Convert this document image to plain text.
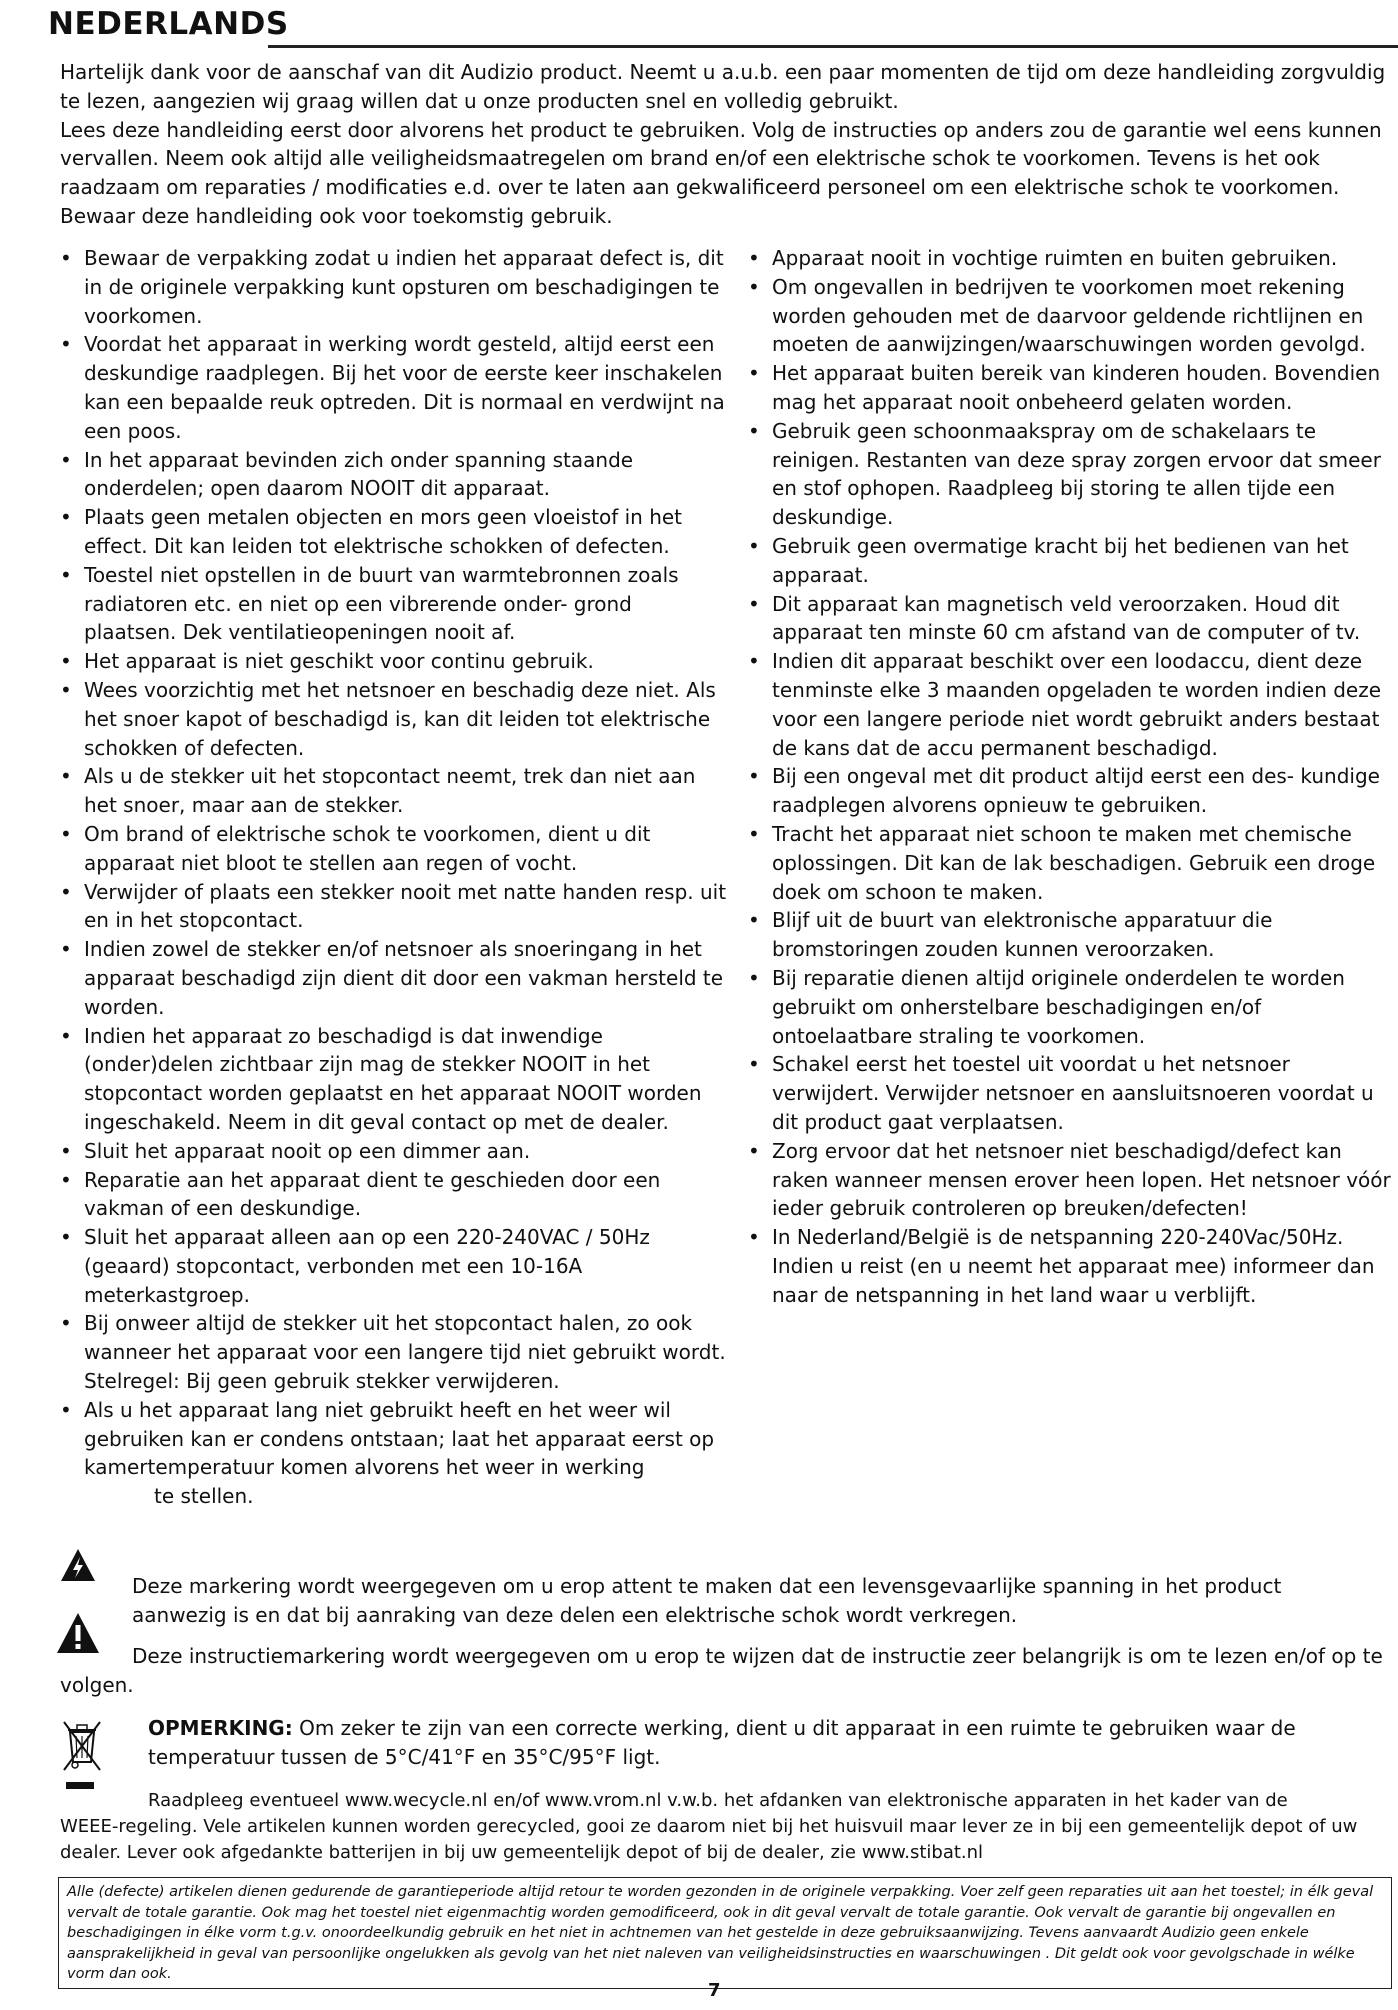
NEDERLANDS

Hartelijk dank voor de aanschaf van dit Audizio product. Neemt u a.u.b. een paar momenten de tijd om deze handleiding zorgvuldig te lezen, aangezien wij graag willen dat u onze producten snel en volledig gebruikt.

Lees deze handleiding eerst door alvorens het product te gebruiken. Volg de instructies op anders zou de garantie wel eens kunnen vervallen. Neem ook altijd alle veiligheidsmaatregelen om brand en/of een elektrische schok te voorkomen. Tevens is het ook raadzaam om reparaties / modificaties e.d. over te laten aan gekwalificeerd personeel om een elektrische schok te voorkomen. Bewaar deze handleiding ook voor toekomstig gebruik.

• Bewaar de verpakking zodat u indien het apparaat defect is, dit in de originele verpakking kunt opsturen om beschadigingen te voorkomen.
• Voordat het apparaat in werking wordt gesteld, altijd eerst een deskundige raadplegen. Bij het voor de eerste keer inschakelen kan een bepaalde reuk optreden. Dit is normaal en verdwijnt na een poos.
• In het apparaat bevinden zich onder spanning staande onderdelen; open daarom NOOIT dit apparaat.
• Plaats geen metalen objecten en mors geen vloeistof in het effect. Dit kan leiden tot elektrische schokken of defecten.
• Toestel niet opstellen in de buurt van warmtebronnen zoals radiatoren etc. en niet op een vibrerende onder- grond plaatsen. Dek ventilatieopeningen nooit af.
• Het apparaat is niet geschikt voor continu gebruik.
• Wees voorzichtig met het netsnoer en beschadig deze niet. Als het snoer kapot of beschadigd is, kan dit leiden tot elektrische schokken of defecten.
• Als u de stekker uit het stopcontact neemt, trek dan niet aan het snoer, maar aan de stekker.
• Om brand of elektrische schok te voorkomen, dient u dit apparaat niet bloot te stellen aan regen of vocht.
• Verwijder of plaats een stekker nooit met natte handen resp. uit en in het stopcontact.
• Indien zowel de stekker en/of netsnoer als snoeringang in het apparaat beschadigd zijn dient dit door een vakman hersteld te worden.
• Indien het apparaat zo beschadigd is dat inwendige (onder)delen zichtbaar zijn mag de stekker NOOIT in het stopcontact worden geplaatst en het apparaat NOOIT worden ingeschakeld. Neem in dit geval contact op met de dealer.
• Sluit het apparaat nooit op een dimmer aan.
• Reparatie aan het apparaat dient te geschieden door een vakman of een deskundige.
• Sluit het apparaat alleen aan op een 220-240VAC / 50Hz (geaard) stopcontact, verbonden met een 10-16A meterkastgroep.
• Bij onweer altijd de stekker uit het stopcontact halen, zo ook wanneer het apparaat voor een langere tijd niet gebruikt wordt. Stelregel: Bij geen gebruik stekker verwijderen.
• Als u het apparaat lang niet gebruikt heeft en het weer wil gebruiken kan er condens ontstaan; laat het apparaat eerst op kamertemperatuur komen alvorens het weer in werking
te stellen.
• Apparaat nooit in vochtige ruimten en buiten gebruiken.
• Om ongevallen in bedrijven te voorkomen moet rekening worden gehouden met de daarvoor geldende richtlijnen en moeten de aanwijzingen/waarschuwingen worden gevolgd.
• Het apparaat buiten bereik van kinderen houden. Bovendien mag het apparaat nooit onbeheerd gelaten worden.
• Gebruik geen schoonmaakspray om de schakelaars te reinigen. Restanten van deze spray zorgen ervoor dat smeer en stof ophopen. Raadpleeg bij storing te allen tijde een deskundige.
• Gebruik geen overmatige kracht bij het bedienen van het apparaat.
• Dit apparaat kan magnetisch veld veroorzaken. Houd dit apparaat ten minste 60 cm afstand van de computer of tv.
• Indien dit apparaat beschikt over een loodaccu, dient deze tenminste elke 3 maanden opgeladen te worden indien deze voor een langere periode niet wordt gebruikt anders bestaat de kans dat de accu permanent beschadigd.
• Bij een ongeval met dit product altijd eerst een des- kundige raadplegen alvorens opnieuw te gebruiken.
• Tracht het apparaat niet schoon te maken met chemische oplossingen. Dit kan de lak beschadigen. Gebruik een droge doek om schoon te maken.
• Blijf uit de buurt van elektronische apparatuur die bromstoringen zouden kunnen veroorzaken.
• Bij reparatie dienen altijd originele onderdelen te worden gebruikt om onherstelbare beschadigingen en/of ontoelaatbare straling te voorkomen.
• Schakel eerst het toestel uit voordat u het netsnoer verwijdert. Verwijder netsnoer en aansluitsnoeren voordat u dit product gaat verplaatsen.
• Zorg ervoor dat het netsnoer niet beschadigd/defect kan raken wanneer mensen erover heen lopen. Het netsnoer vóór ieder gebruik controleren op breuken/defecten!
• In Nederland/België is de netspanning 220-240Vac/50Hz. Indien u reist (en u neemt het apparaat mee) informeer dan naar de netspanning in het land waar u verblijft.
Deze markering wordt weergegeven om u erop attent te maken dat een levensgevaarlijke spanning in het product aanwezig is en dat bij aanraking van deze delen een elektrische schok wordt verkregen.
Deze instructiemarkering wordt weergegeven om u erop te wijzen dat de instructie zeer belangrijk is om te lezen en/of op te volgen.
OPMERKING: Om zeker te zijn van een correcte werking, dient u dit apparaat in een ruimte te gebruiken waar de temperatuur tussen de 5°C/41°F en 35°C/95°F ligt.
Raadpleeg eventueel www.wecycle.nl en/of www.vrom.nl v.w.b. het afdanken van elektronische apparaten in het kader van de
WEEE-regeling. Vele artikelen kunnen worden gerecycled, gooi ze daarom niet bij het huisvuil maar lever ze in bij een gemeentelijk depot of uw dealer. Lever ook afgedankte batterijen in bij uw gemeentelijk depot of bij de dealer, zie www.stibat.nl
Alle (defecte) artikelen dienen gedurende de garantieperiode altijd retour te worden gezonden in de originele verpakking. Voer zelf geen reparaties uit aan het toestel; in élk geval vervalt de totale garantie. Ook mag het toestel niet eigenmachtig worden gemodificeerd, ook in dit geval vervalt de totale garantie. Ook vervalt de garantie bij ongevallen en beschadigingen in élke vorm t.g.v. onoordeelkundig gebruik en het niet in achtnemen van het gestelde in deze gebruiksaanwijzing. Tevens aanvaardt Audizio geen enkele aansprakelijkheid in geval van persoonlijke ongelukken als gevolg van het niet naleven van veiligheidsinstructies en waarschuwingen . Dit geldt ook voor gevolgschade in wélke vorm dan ook.
7
